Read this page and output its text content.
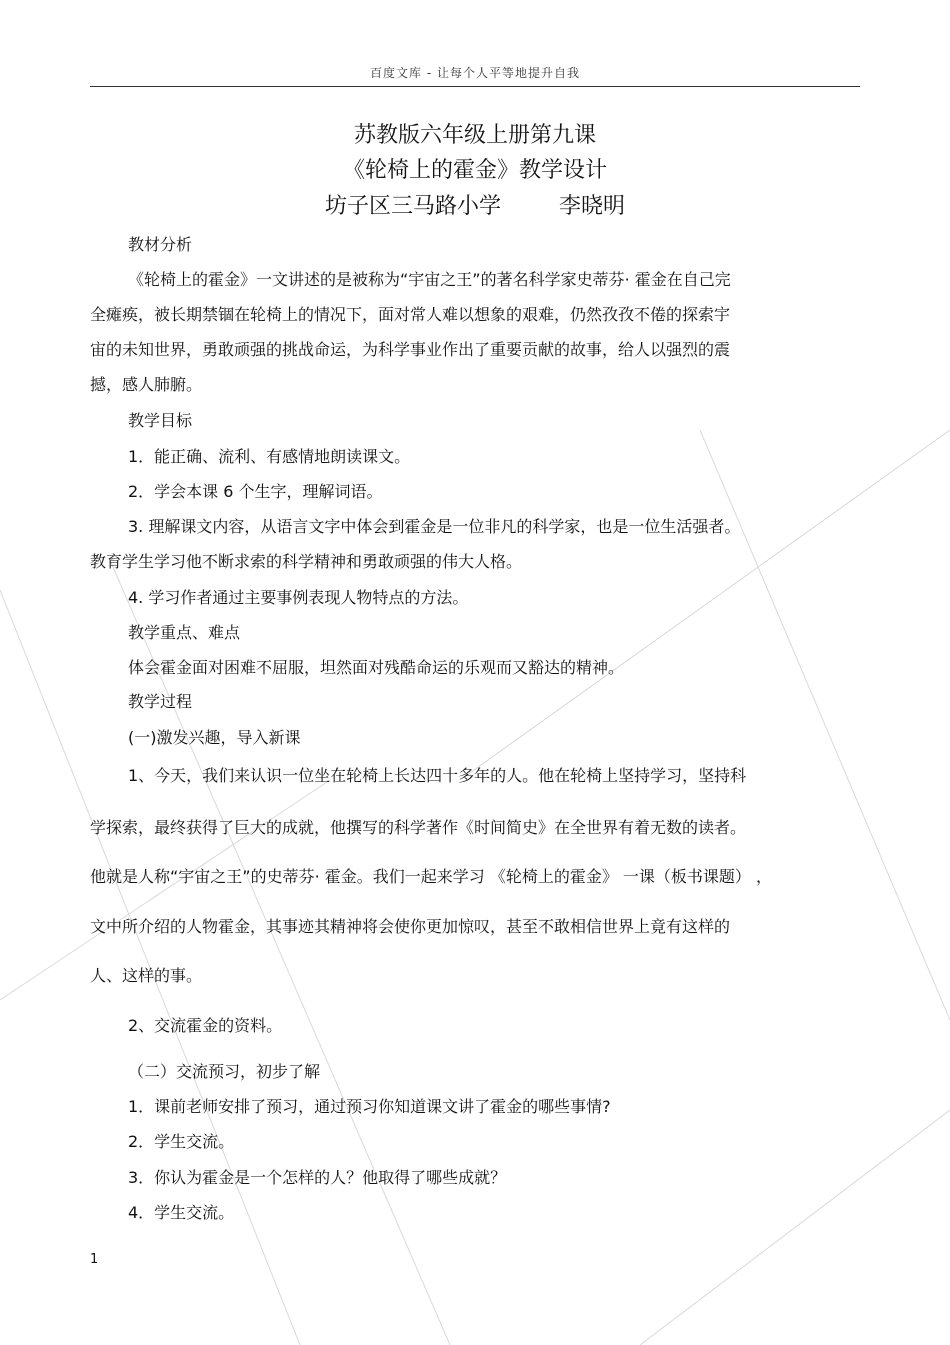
百度文库 - 让每个人平等地提升自我
苏教版六年级上册第九课
《轮椅上的霍金》教学设计
坊子区三马路小学	李晓明
教材分析
《轮椅上的霍金》一文讲述的是被称为“宇宙之王”的著名科学家史蒂芬· 霍金在自己完
全瘫痪，被长期禁锢在轮椅上的情况下，面对常人难以想象的艰难，仍然孜孜不倦的探索宇
宙的未知世界，勇敢顽强的挑战命运，为科学事业作出了重要贡献的故事，给人以强烈的震
撼，感人肺腑。
教学目标
1．能正确、流利、有感情地朗读课文。
2．学会本课 6 个生字，理解词语。
3. 理解课文内容，从语言文字中体会到霍金是一位非凡的科学家，也是一位生活强者。
教育学生学习他不断求索的科学精神和勇敢顽强的伟大人格。
4. 学习作者通过主要事例表现人物特点的方法。
教学重点、难点
体会霍金面对困难不屈服，坦然面对残酷命运的乐观而又豁达的精神。
教学过程
(一)激发兴趣，导入新课
1、今天，我们来认识一位坐在轮椅上长达四十多年的人。他在轮椅上坚持学习，坚持科
学探索，最终获得了巨大的成就，他撰写的科学著作《时间简史》在全世界有着无数的读者。
他就是人称“宇宙之王”的史蒂芬· 霍金。我们一起来学习 《轮椅上的霍金》 一课（板书课题） ，
文中所介绍的人物霍金，其事迹其精神将会使你更加惊叹，甚至不敢相信世界上竟有这样的
人、这样的事。
2、交流霍金的资料。
（二）交流预习，初步了解
1．课前老师安排了预习，通过预习你知道课文讲了霍金的哪些事情?
2．学生交流。
3．你认为霍金是一个怎样的人？他取得了哪些成就？
4．学生交流。
1
